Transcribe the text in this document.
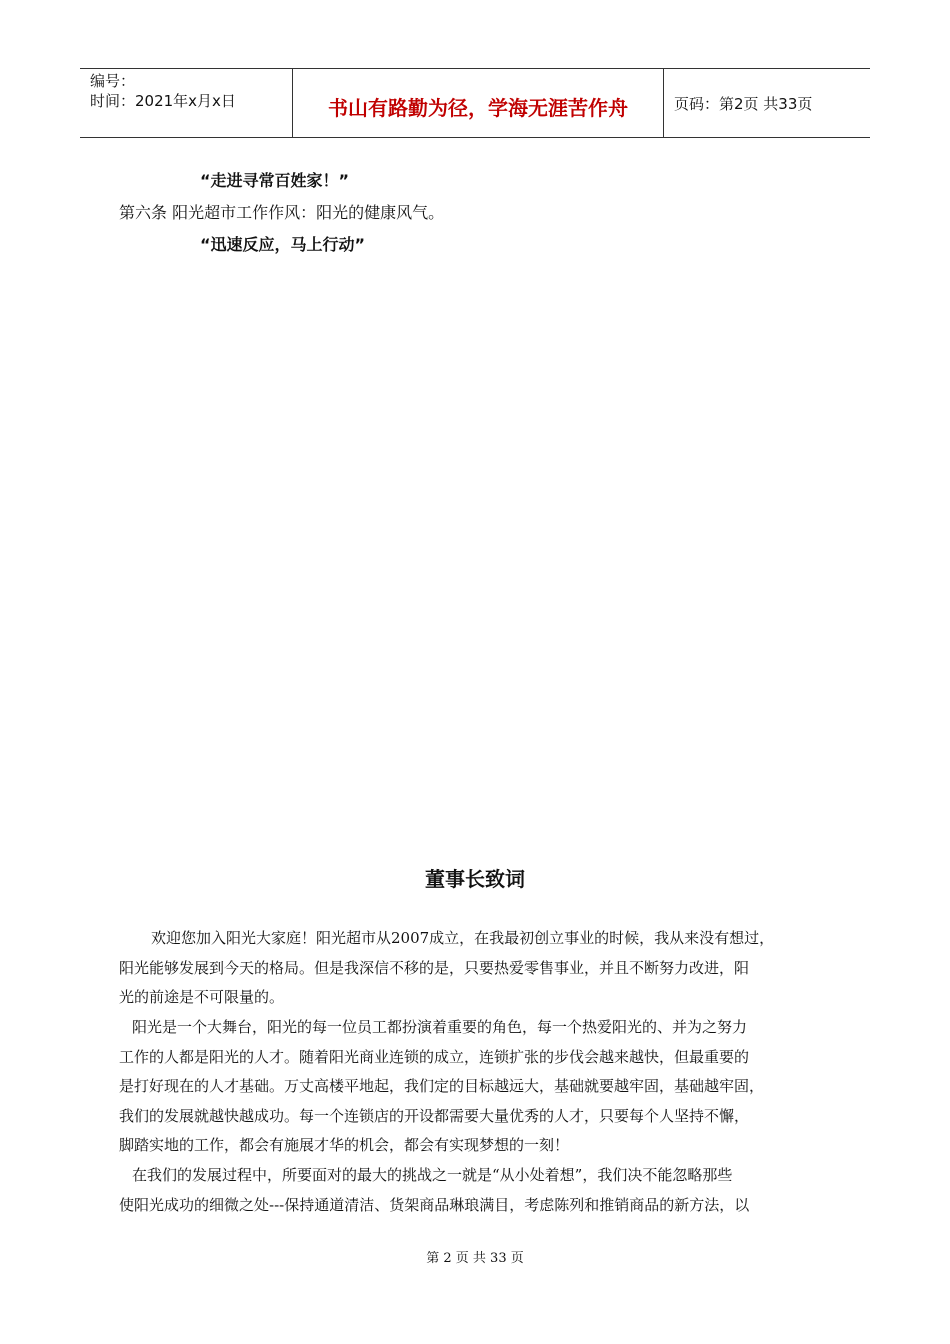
编号：
时间：2021年x月x日	书山有路勤为径，学海无涯苦作舟	页码：第2页 共33页
“走进寻常百姓家！”
第六条 阳光超市工作作风：阳光的健康风气。
“迅速反应，马上行动”
董事长致词
欢迎您加入阳光大家庭！阳光超市从2007成立，在我最初创立事业的时候，我从来没有想过，
阳光能够发展到今天的格局。但是我深信不移的是，只要热爱零售事业，并且不断努力改进，阳
光的前途是不可限量的。
阳光是一个大舞台，阳光的每一位员工都扮演着重要的角色，每一个热爱阳光的、并为之努力
工作的人都是阳光的人才。随着阳光商业连锁的成立，连锁扩张的步伐会越来越快，但最重要的
是打好现在的人才基础。万丈高楼平地起，我们定的目标越远大，基础就要越牢固，基础越牢固，
我们的发展就越快越成功。每一个连锁店的开设都需要大量优秀的人才，只要每个人坚持不懈，
脚踏实地的工作，都会有施展才华的机会，都会有实现梦想的一刻！
在我们的发展过程中，所要面对的最大的挑战之一就是“从小处着想”，我们决不能忽略那些
使阳光成功的细微之处---保持通道清洁、货架商品琳琅满目，考虑陈列和推销商品的新方法，以
第 2 页 共 33 页
